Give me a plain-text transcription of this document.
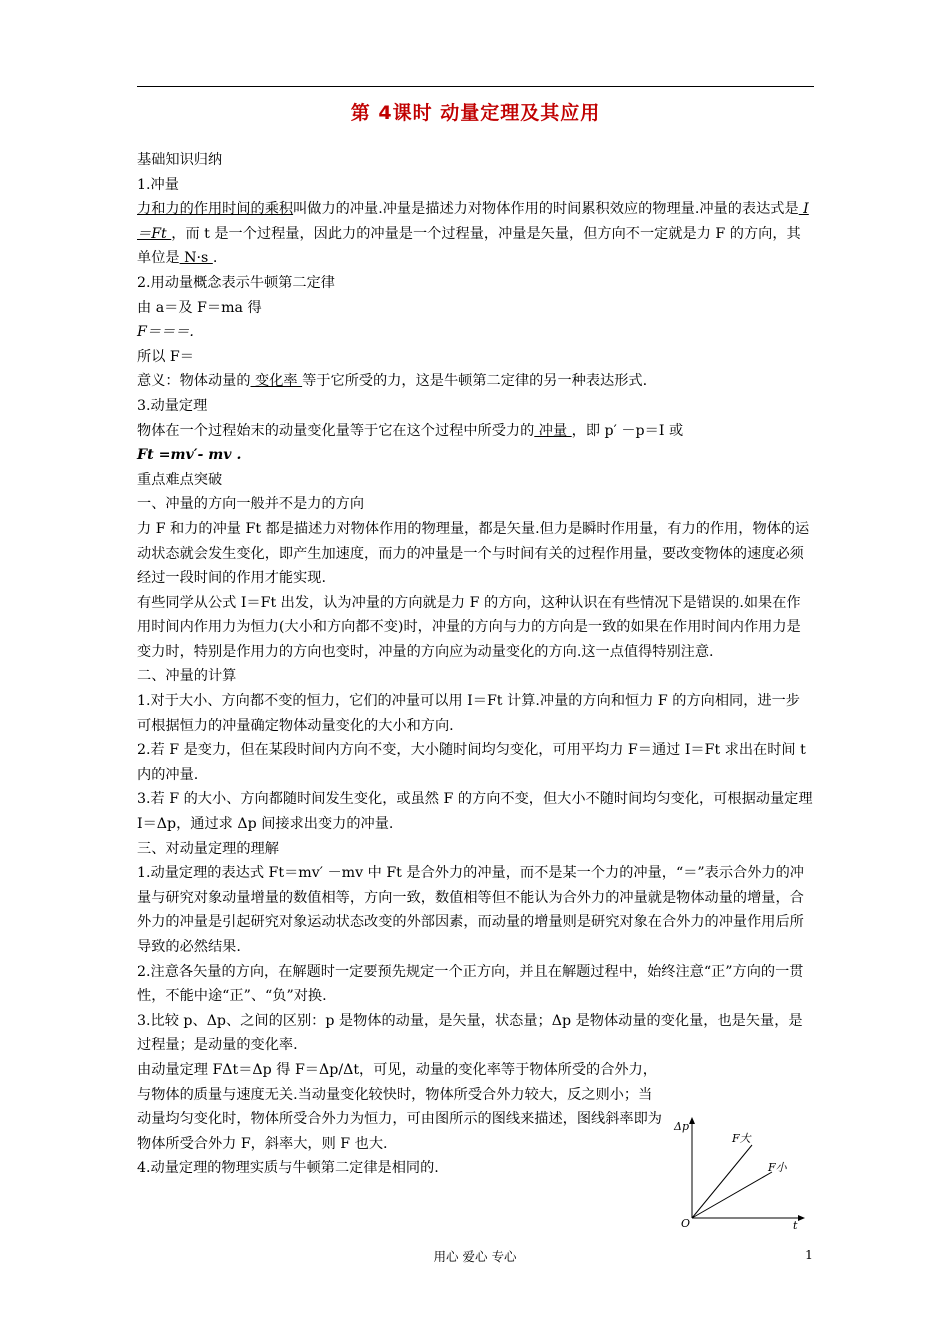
第 4课时 动量定理及其应用

基础知识归纳

1.冲量

力和力的作用时间的乘积叫做力的冲量.冲量是描述力对物体作用的时间累积效应的物理量.冲量的表达式是 I＝Ft ，而 t 是一个过程量，因此力的冲量是一个过程量，冲量是矢量，但方向不一定就是力 F 的方向，其单位是 N·s .

2.用动量概念表示牛顿第二定律

由 a＝及 F＝ma 得

F＝＝＝.

所以 F＝

意义：物体动量的 变化率 等于它所受的力，这是牛顿第二定律的另一种表达形式.

3.动量定理

物体在一个过程始末的动量变化量等于它在这个过程中所受力的 冲量 ，即 p′ －p＝I 或

Ft =mv′- mv .

重点难点突破

一、冲量的方向一般并不是力的方向

力 F 和力的冲量 Ft 都是描述力对物体作用的物理量，都是矢量.但力是瞬时作用量，有力的作用，物体的运动状态就会发生变化，即产生加速度，而力的冲量是一个与时间有关的过程作用量，要改变物体的速度必须经过一段时间的作用才能实现.

有些同学从公式 I＝Ft 出发，认为冲量的方向就是力 F 的方向，这种认识在有些情况下是错误的.如果在作用时间内作用力为恒力(大小和方向都不变)时，冲量的方向与力的方向是一致的如果在作用时间内作用力是变力时，特别是作用力的方向也变时，冲量的方向应为动量变化的方向.这一点值得特别注意.

二、冲量的计算

1.对于大小、方向都不变的恒力，它们的冲量可以用 I＝Ft 计算.冲量的方向和恒力 F 的方向相同，进一步可根据恒力的冲量确定物体动量变化的大小和方向.

2.若 F 是变力，但在某段时间内方向不变，大小随时间均匀变化，可用平均力 F＝通过 I＝Ft 求出在时间 t 内的冲量.

3.若 F 的大小、方向都随时间发生变化，或虽然 F 的方向不变，但大小不随时间均匀变化，可根据动量定理 I＝Δp，通过求 Δp 间接求出变力的冲量.

三、对动量定理的理解

1.动量定理的表达式 Ft＝mv′ －mv 中 Ft 是合外力的冲量，而不是某一个力的冲量，“＝”表示合外力的冲量与研究对象动量增量的数值相等，方向一致，数值相等但不能认为合外力的冲量就是物体动量的增量，合外力的冲量是引起研究对象运动状态改变的外部因素，而动量的增量则是研究对象在合外力的冲量作用后所导致的必然结果.

2.注意各矢量的方向，在解题时一定要预先规定一个正方向，并且在解题过程中，始终注意“正”方向的一贯性，不能中途“正”、“负”对换.

3.比较 p、Δp、之间的区别：p 是物体的动量，是矢量，状态量；Δp 是物体动量的变化量，也是矢量，是过程量；是动量的变化率.

由动量定理 FΔt＝Δp 得 F＝Δp/Δt，可见，动量的变化率等于物体所受的合外力，与物体的质量与速度无关.当动量变化较快时，物体所受合外力较大，反之则小；当动量均匀变化时，物体所受合外力为恒力，可由图所示的图线来描述，图线斜率即为物体所受合外力 F，斜率大，则 F 也大.

4.动量定理的物理实质与牛顿第二定律是相同的.

Δp
t
O
F大
F小
用心 爱心 专心	1
